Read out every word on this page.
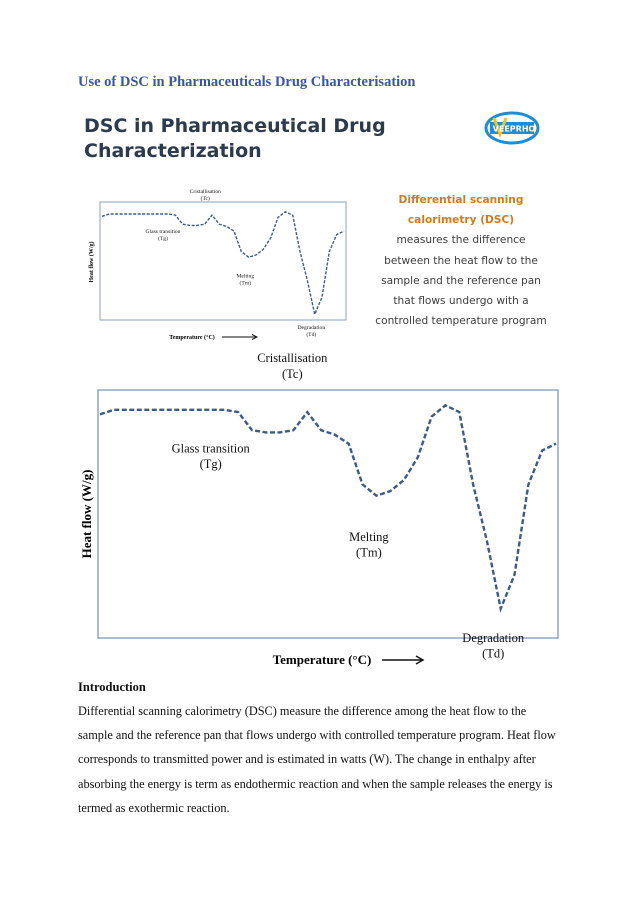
Use of DSC in Pharmaceuticals Drug Characterisation
DSC in Pharmaceutical Drug Characterization
VEEPRHO
Differential scanning calorimetry (DSC)
measures the difference between the heat flow to the sample and the reference pan that flows undergo with a controlled temperature program
Heat flow (W/g)
Temperature (°C)
Glass transition
(Tg)
Cristallisation
(Tc)
Melting
(Tm)
Degradation
(Td)
Heat flow (W/g)
Temperature (°C)
Glass transition
(Tg)
Cristallisation
(Tc)
Melting
(Tm)
Degradation
(Td)
Introduction

Differential scanning calorimetry (DSC) measure the difference among the heat flow to the sample and the reference pan that flows undergo with controlled temperature program. Heat flow corresponds to transmitted power and is estimated in watts (W). The change in enthalpy after absorbing the energy is term as endothermic reaction and when the sample releases the energy is termed as exothermic reaction.
